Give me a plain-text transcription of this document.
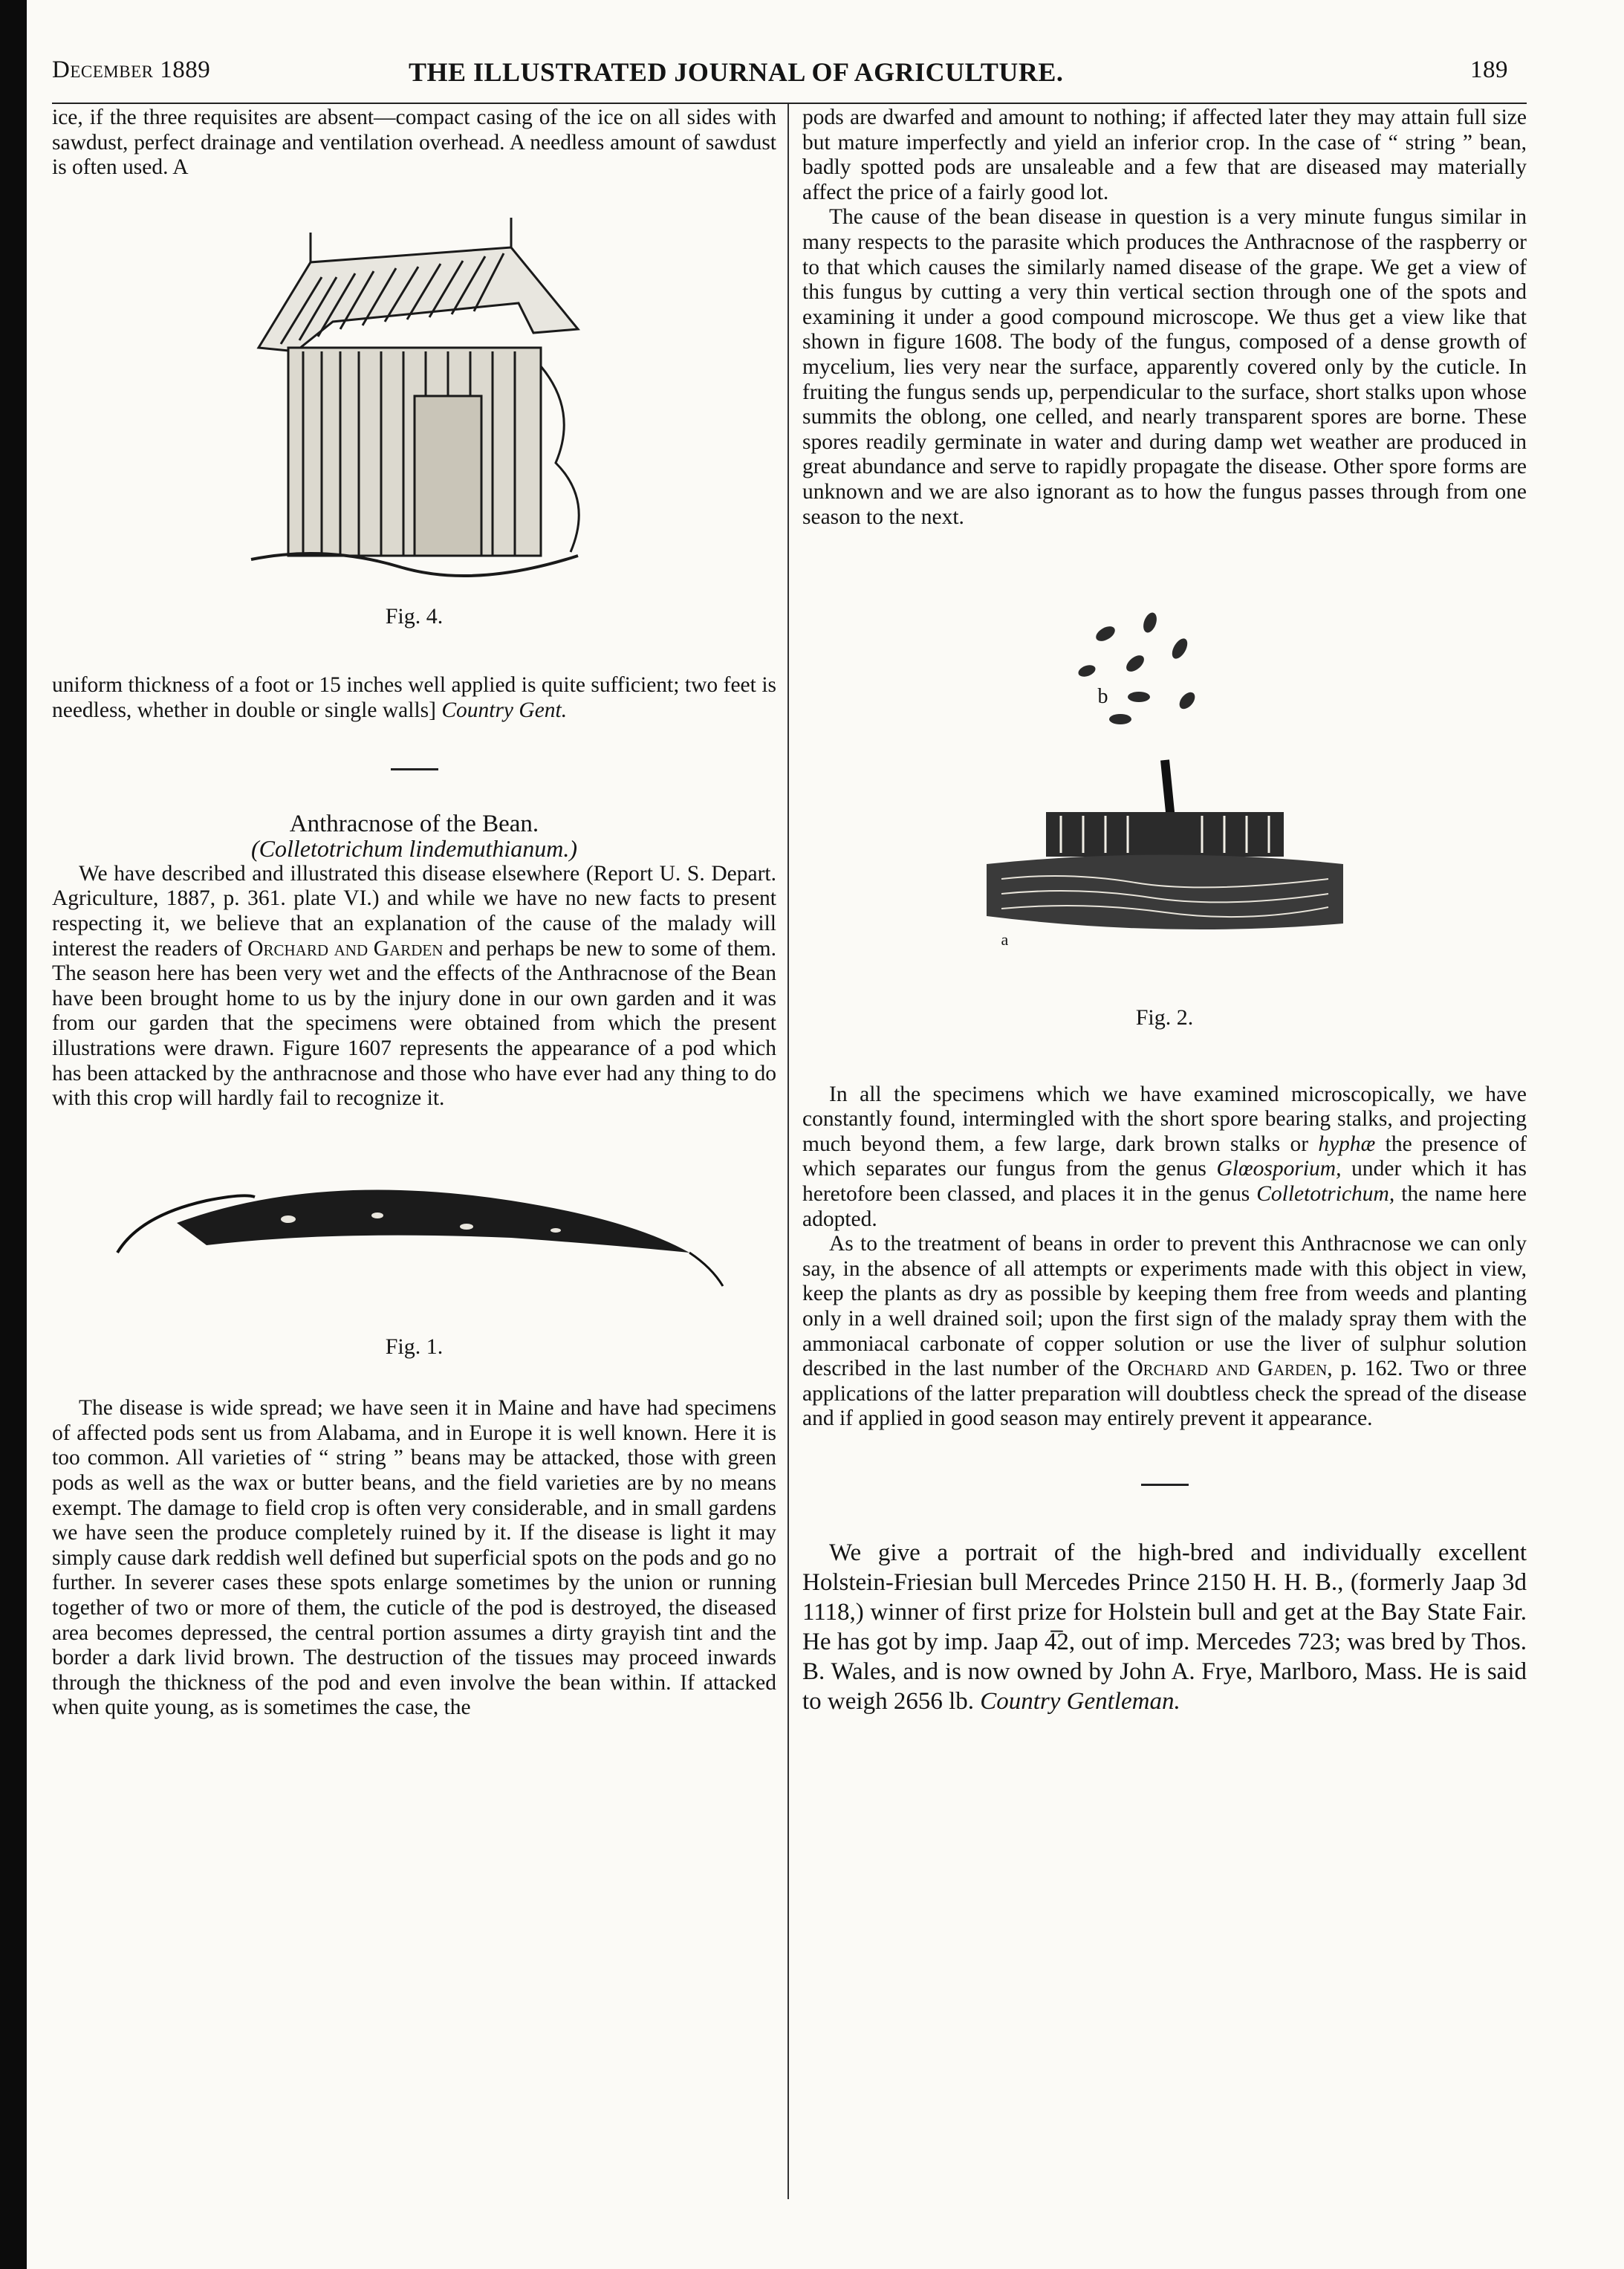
December 1889	THE ILLUSTRATED JOURNAL OF AGRICULTURE.	189

ice, if the three requisites are absent—compact casing of the ice on all sides with sawdust, perfect drainage and ventilation overhead. A needless amount of sawdust is often used. A

Fig. 4.

uniform thickness of a foot or 15 inches well applied is quite sufficient; two feet is needless, whether in double or single walls] Country Gent.

Anthracnose of the Bean.

(Colletotrichum lindemuthianum.)

We have described and illustrated this disease elsewhere (Report U. S. Depart. Agriculture, 1887, p. 361. plate VI.) and while we have no new facts to present respecting it, we believe that an explanation of the cause of the malady will interest the readers of Orchard and Garden and perhaps be new to some of them. The season here has been very wet and the effects of the Anthracnose of the Bean have been brought home to us by the injury done in our own garden and it was from our garden that the specimens were obtained from which the present illustrations were drawn. Figure 1607 represents the appearance of a pod which has been attacked by the anthracnose and those who have ever had any thing to do with this crop will hardly fail to recognize it.

Fig. 1.

The disease is wide spread; we have seen it in Maine and have had specimens of affected pods sent us from Alabama, and in Europe it is well known. Here it is too common. All varieties of “ string ” beans may be attacked, those with green pods as well as the wax or butter beans, and the field varieties are by no means exempt. The damage to field crop is often very considerable, and in small gardens we have seen the produce completely ruined by it. If the disease is light it may simply cause dark reddish well defined but superficial spots on the pods and go no further. In severer cases these spots enlarge sometimes by the union or running together of two or more of them, the cuticle of the pod is destroyed, the diseased area becomes depressed, the central portion assumes a dirty grayish tint and the border a dark livid brown. The destruction of the tissues may proceed inwards through the thickness of the pod and even involve the bean within. If attacked when quite young, as is sometimes the case, the

pods are dwarfed and amount to nothing; if affected later they may attain full size but mature imperfectly and yield an inferior crop. In the case of “ string ” bean, badly spotted pods are unsaleable and a few that are diseased may materially affect the price of a fairly good lot.

The cause of the bean disease in question is a very minute fungus similar in many respects to the parasite which produces the Anthracnose of the raspberry or to that which causes the similarly named disease of the grape. We get a view of this fungus by cutting a very thin vertical section through one of the spots and examining it under a good compound microscope. We thus get a view like that shown in figure 1608. The body of the fungus, composed of a dense growth of mycelium, lies very near the surface, apparently covered only by the cuticle. In fruiting the fungus sends up, perpendicular to the surface, short stalks upon whose summits the oblong, one celled, and nearly transparent spores are borne. These spores readily germinate in water and during damp wet weather are produced in great abundance and serve to rapidly propagate the disease. Other spore forms are unknown and we are also ignorant as to how the fungus passes through from one season to the next.

b
a

Fig. 2.

In all the specimens which we have examined microscopically, we have constantly found, intermingled with the short spore bearing stalks, and projecting much beyond them, a few large, dark brown stalks or hyphæ the presence of which separates our fungus from the genus Glœosporium, under which it has heretofore been classed, and places it in the genus Colletotrichum, the name here adopted.

As to the treatment of beans in order to prevent this Anthracnose we can only say, in the absence of all attempts or experiments made with this object in view, keep the plants as dry as possible by keeping them free from weeds and planting only in a well drained soil; upon the first sign of the malady spray them with the ammoniacal carbonate of copper solution or use the liver of sulphur solution described in the last number of the Orchard and Garden, p. 162. Two or three applications of the latter preparation will doubtless check the spread of the disease and if applied in good season may entirely prevent it appearance.

We give a portrait of the high-bred and individually excellent Holstein-Friesian bull Mercedes Prince 2150 H. H. B., (formerly Jaap 3d 1118,) winner of first prize for Holstein bull and get at the Bay State Fair. He has got by imp. Jaap 4̅̅2, out of imp. Mercedes 723; was bred by Thos. B. Wales, and is now owned by John A. Frye, Marlboro, Mass. He is said to weigh 2656 lb. Country Gentleman.
